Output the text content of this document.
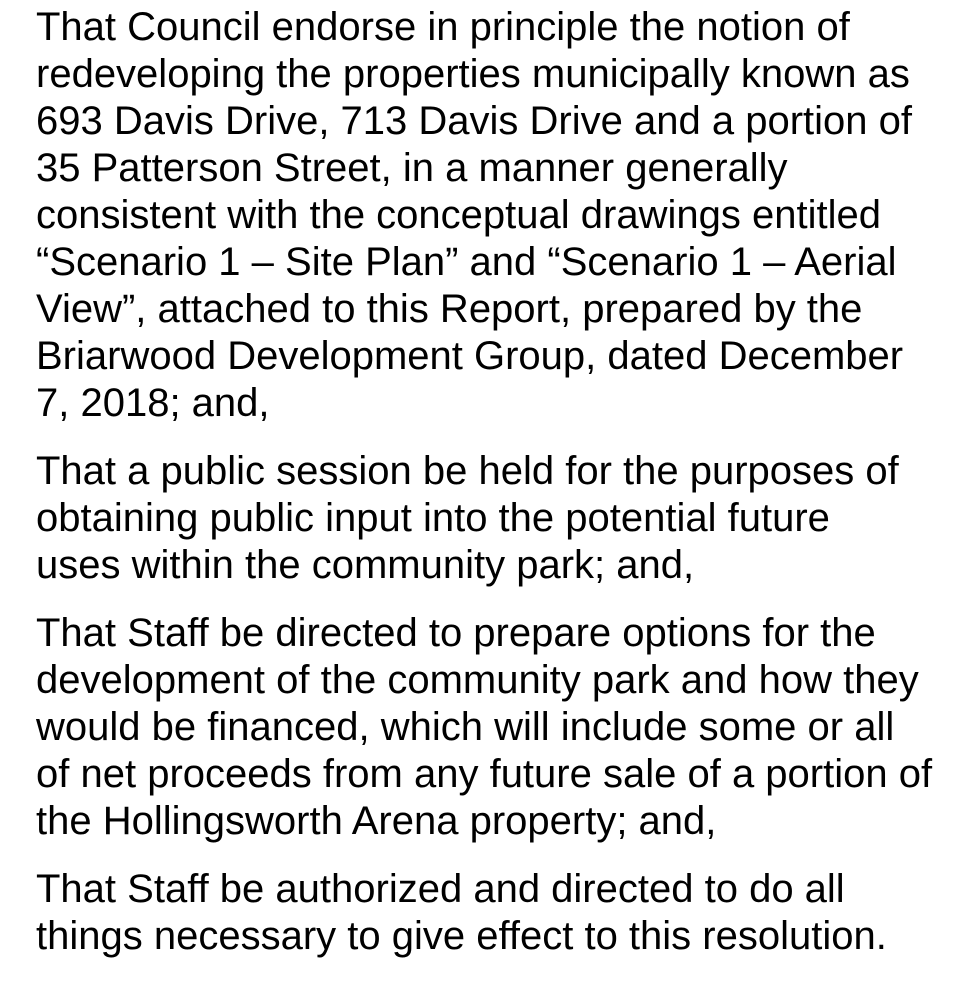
That Council endorse in principle the notion of
redeveloping the properties municipally known as
693 Davis Drive, 713 Davis Drive and a portion of
35 Patterson Street, in a manner generally
consistent with the conceptual drawings entitled
“Scenario 1 – Site Plan” and “Scenario 1 – Aerial
View”, attached to this Report, prepared by the
Briarwood Development Group, dated December
7, 2018; and,

That a public session be held for the purposes of
obtaining public input into the potential future
uses within the community park; and,

That Staff be directed to prepare options for the
development of the community park and how they
would be financed, which will include some or all
of net proceeds from any future sale of a portion of
the Hollingsworth Arena property; and,

That Staff be authorized and directed to do all
things necessary to give effect to this resolution.
